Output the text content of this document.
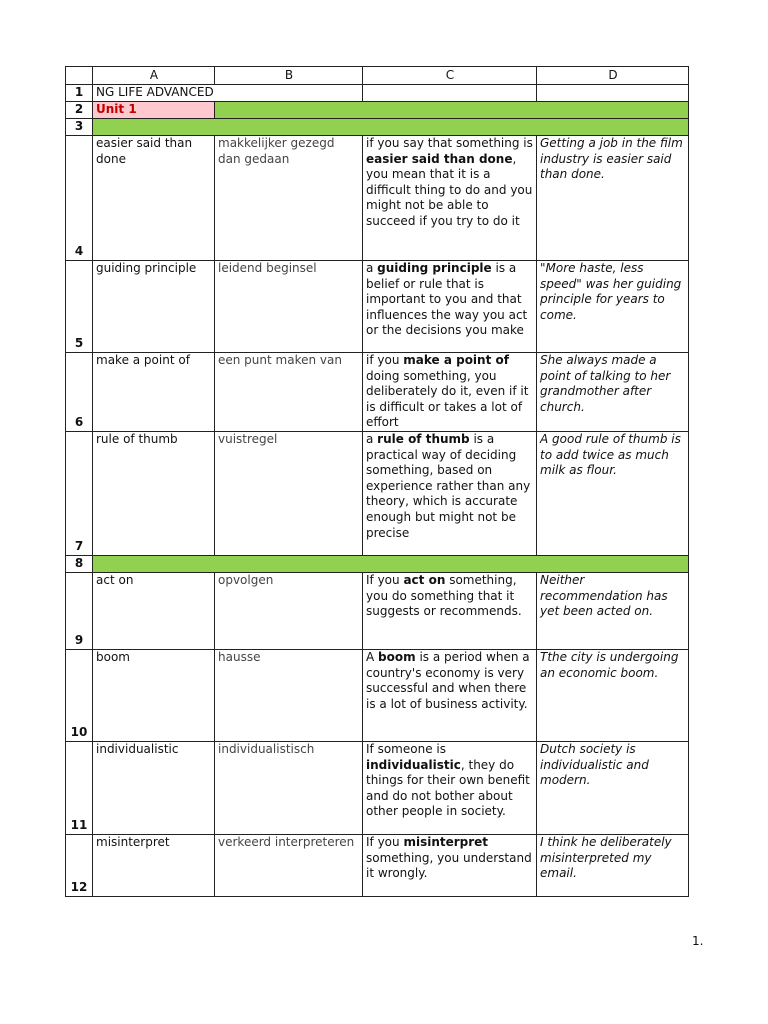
	A	B	C	D
1	NG LIFE ADVANCED			
2	Unit 1			
3				
4	easier said than done	makkelijker gezegd dan gedaan	if you say that something is easier said than done, you mean that it is a difficult thing to do and you might not be able to succeed if you try to do it	Getting a job in the film industry is easier said than done.
5	guiding principle	leidend beginsel	a guiding principle is a belief or rule that is important to you and that influences the way you act or the decisions you make	"More haste, less speed" was her guiding principle for years to come.
6	make a point of	een punt maken van	if you make a point of doing something, you deliberately do it, even if it is difficult or takes a lot of effort	She always made a point of talking to her grandmother after church.
7	rule of thumb	vuistregel	a rule of thumb is a practical way of deciding something, based on experience rather than any theory, which is accurate enough but might not be precise	A good rule of thumb is to add twice as much milk as flour.
8				
9	act on	opvolgen	If you act on something, you do something that it suggests or recommends.	Neither recommendation has yet been acted on.
10	boom	hausse	A boom is a period when a country's economy is very successful and when there is a lot of business activity.	Tthe city is undergoing an economic boom.
11	individualistic	individualistisch	If someone is individualistic, they do things for their own benefit and do not bother about other people in society.	Dutch society is individualistic and modern.
12	misinterpret	verkeerd interpreteren	If you misinterpret something, you understand it wrongly.	I think he deliberately misinterpreted my email.
1.
